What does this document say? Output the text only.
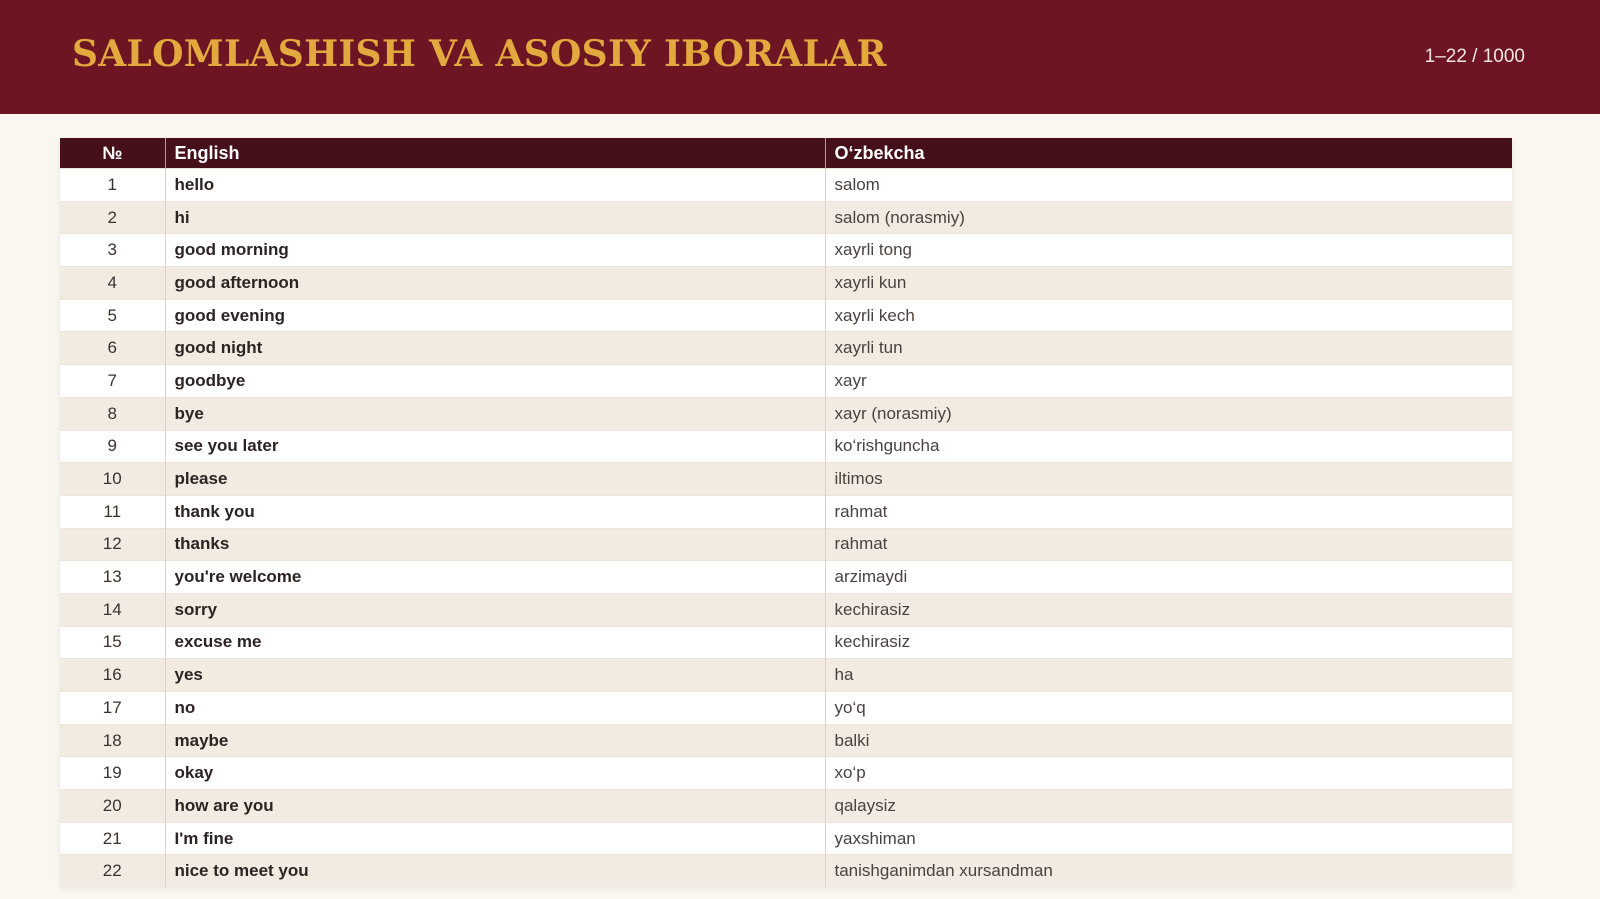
SALOMLASHISH VA ASOSIY IBORALAR	1–22 / 1000
№	English	O‘zbekcha
1	hello	salom
2	hi	salom (norasmiy)
3	good morning	xayrli tong
4	good afternoon	xayrli kun
5	good evening	xayrli kech
6	good night	xayrli tun
7	goodbye	xayr
8	bye	xayr (norasmiy)
9	see you later	ko‘rishguncha
10	please	iltimos
11	thank you	rahmat
12	thanks	rahmat
13	you're welcome	arzimaydi
14	sorry	kechirasiz
15	excuse me	kechirasiz
16	yes	ha
17	no	yo‘q
18	maybe	balki
19	okay	xo‘p
20	how are you	qalaysiz
21	I'm fine	yaxshiman
22	nice to meet you	tanishganimdan xursandman
